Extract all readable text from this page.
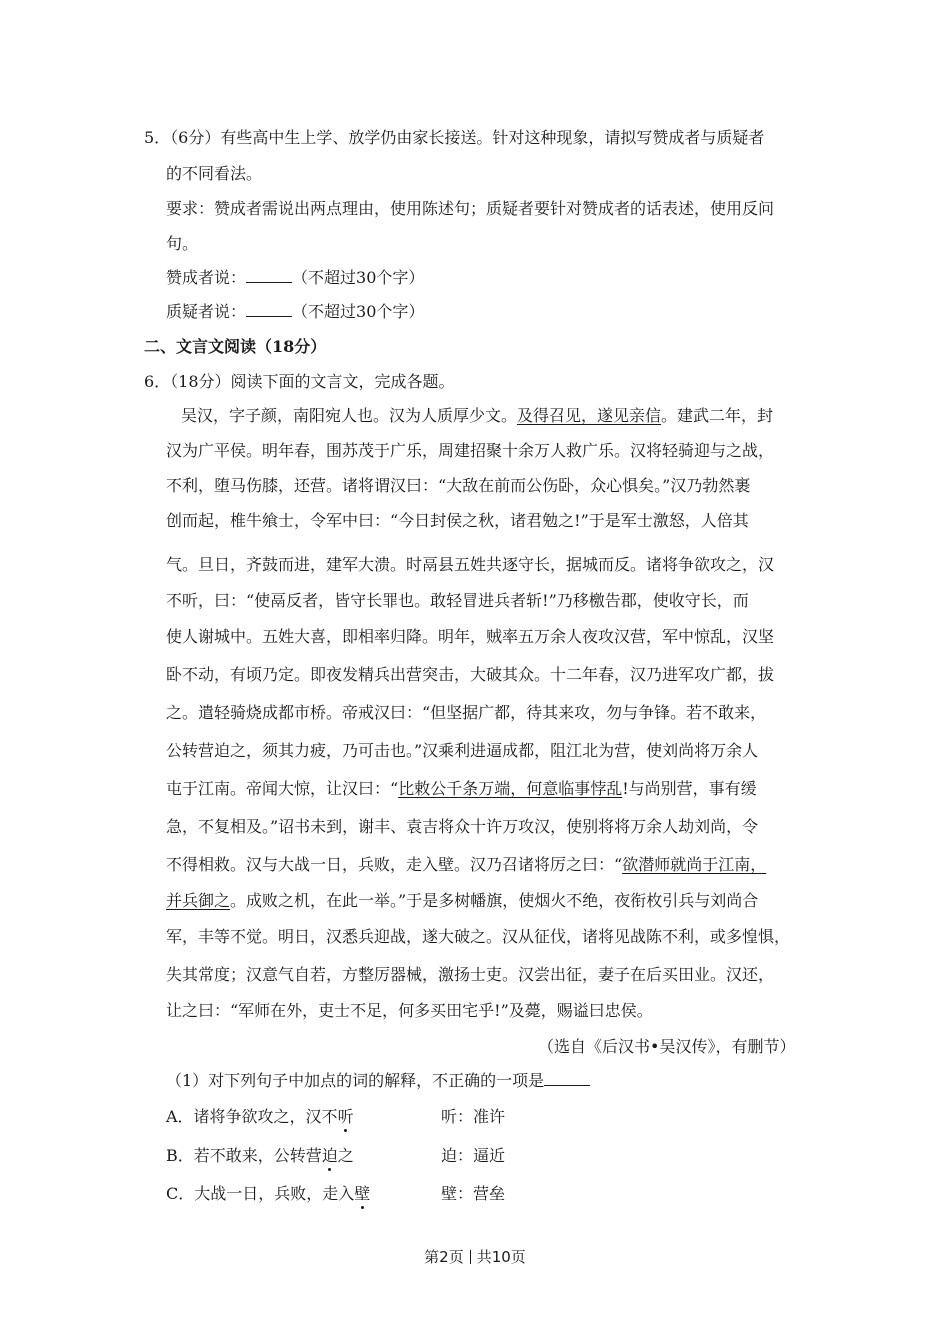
5．（6分）有些高中生上学、放学仍由家长接送。针对这种现象，请拟写赞成者与质疑者
的不同看法。
要求：赞成者需说出两点理由，使用陈述句；质疑者要针对赞成者的话表述，使用反问
句。
赞成者说：	（不超过30个字）
质疑者说：	（不超过30个字）
二、文言文阅读（18分）
6．（18分）阅读下面的文言文，完成各题。
吴汉，字子颜，南阳宛人也。汉为人质厚少文。及得召见，遂见亲信。建武二年，封
汉为广平侯。明年春，围苏茂于广乐，周建招聚十余万人救广乐。汉将轻骑迎与之战，
不利，堕马伤膝，还营。诸将谓汉曰：“大敌在前而公伤卧，众心惧矣。”汉乃勃然裹
创而起，椎牛飨士，令军中曰：“今日封侯之秋，诸君勉之!”于是军士激怒，人倍其
气。旦日，齐鼓而进，建军大溃。时鬲县五姓共逐守长，据城而反。诸将争欲攻之，汉
不听，曰：“使鬲反者，皆守长罪也。敢轻冒进兵者斩!”乃移檄告郡，使收守长，而
使人谢城中。五姓大喜，即相率归降。明年，贼率五万余人夜攻汉营，军中惊乱，汉坚
卧不动，有顷乃定。即夜发精兵出营突击，大破其众。十二年春，汉乃进军攻广都，拔
之。遣轻骑烧成都市桥。帝戒汉曰：“但坚据广都，待其来攻，勿与争锋。若不敢来，
公转营迫之，须其力疲，乃可击也。”汉乘利进逼成都，阻江北为营，使刘尚将万余人
屯于江南。帝闻大惊，让汉曰：“比敕公千条万端，何意临事悖乱!与尚别营，事有缓
急，不复相及。”诏书未到，谢丰、袁吉将众十许万攻汉，使别将将万余人劫刘尚，令
不得相救。汉与大战一日，兵败，走入壁。汉乃召诸将厉之曰：“欲潜师就尚于江南，
并兵御之。成败之机，在此一举。”于是多树幡旗，使烟火不绝，夜衔枚引兵与刘尚合
军，丰等不觉。明日，汉悉兵迎战，遂大破之。汉从征伐，诸将见战陈不利，或多惶惧，
失其常度；汉意气自若，方整厉器械，激扬士吏。汉尝出征，妻子在后买田业。汉还，
让之曰：“军师在外，吏士不足，何多买田宅乎!”及薨，赐谥曰忠侯。
（选自《后汉书•吴汉传》，有删节）
（1）对下列句子中加点的词的解释，不正确的一项是
A．诸将争欲攻之，汉不听	听：准许
B．若不敢来，公转营迫之	迫：逼近
C．大战一日，兵败，走入壁	壁：营垒
第2页 共10页
